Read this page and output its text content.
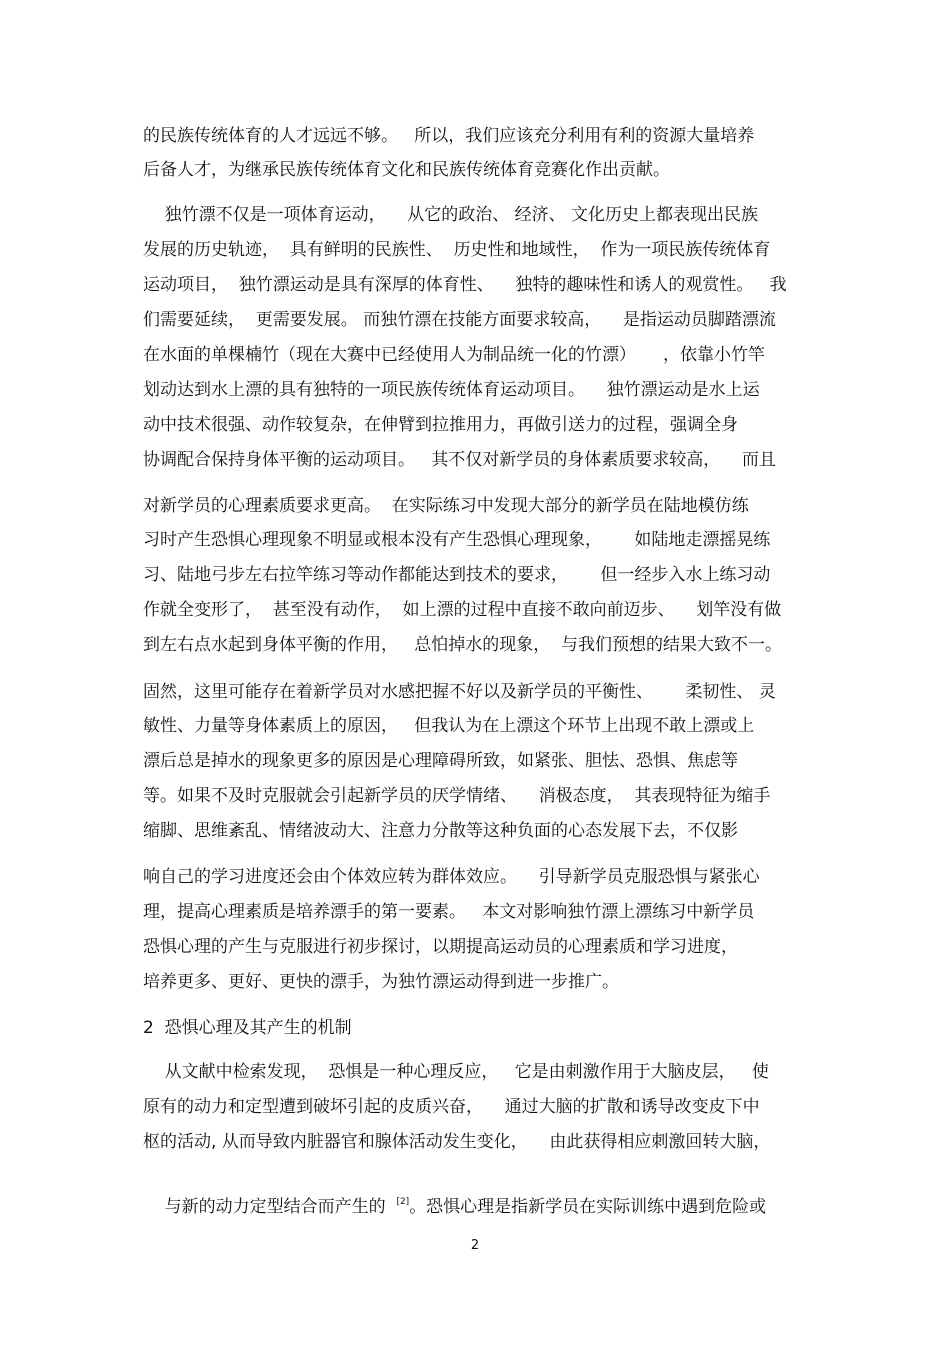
的民族传统体育的人才远远不够。   所以，我们应该充分利用有利的资源大量培养
后备人才，为继承民族传统体育文化和民族传统体育竞赛化作出贡献。
独竹漂不仅是一项体育运动，    从它的政治、 经济、 文化历史上都表现出民族
发展的历史轨迹，  具有鲜明的民族性、  历史性和地域性，  作为一项民族传统体育
运动项目，  独竹漂运动是具有深厚的体育性、    独特的趣味性和诱人的观赏性。   我
们需要延续，  更需要发展。 而独竹漂在技能方面要求较高，    是指运动员脚踏漂流
在水面的单棵楠竹（现在大赛中已经使用人为制品统一化的竹漂）     ，依靠小竹竿
划动达到水上漂的具有独特的一项民族传统体育运动项目。    独竹漂运动是水上运
动中技术很强、动作较复杂，在伸臂到拉推用力，再做引送力的过程，强调全身
协调配合保持身体平衡的运动项目。   其不仅对新学员的身体素质要求较高，    而且
对新学员的心理素质要求更高。  在实际练习中发现大部分的新学员在陆地模仿练
习时产生恐惧心理现象不明显或根本没有产生恐惧心理现象，      如陆地走漂摇晃练
习、陆地弓步左右拉竿练习等动作都能达到技术的要求，      但一经步入水上练习动
作就全变形了，  甚至没有动作，  如上漂的过程中直接不敢向前迈步、    划竿没有做
到左右点水起到身体平衡的作用，   总怕掉水的现象，  与我们预想的结果大致不一。
固然，这里可能存在着新学员对水感把握不好以及新学员的平衡性、      柔韧性、 灵
敏性、力量等身体素质上的原因，   但我认为在上漂这个环节上出现不敢上漂或上
漂后总是掉水的现象更多的原因是心理障碍所致，如紧张、胆怯、恐惧、焦虑等
等。如果不及时克服就会引起新学员的厌学情绪、    消极态度，  其表现特征为缩手
缩脚、思维紊乱、情绪波动大、注意力分散等这种负面的心态发展下去，不仅影
响自己的学习进度还会由个体效应转为群体效应。    引导新学员克服恐惧与紧张心
理，提高心理素质是培养漂手的第一要素。   本文对影响独竹漂上漂练习中新学员
恐惧心理的产生与克服进行初步探讨，以期提高运动员的心理素质和学习进度，
培养更多、更好、更快的漂手，为独竹漂运动得到进一步推广。
2  恐惧心理及其产生的机制
从文献中检索发现，  恐惧是一种心理反应，   它是由刺激作用于大脑皮层，   使
原有的动力和定型遭到破坏引起的皮质兴奋，    通过大脑的扩散和诱导改变皮下中
枢的活动, 从而导致内脏器官和腺体活动发生变化，    由此获得相应刺激回转大脑，

与新的动力定型结合而产生的  [2]。恐惧心理是指新学员在实际训练中遇到危险或

2
